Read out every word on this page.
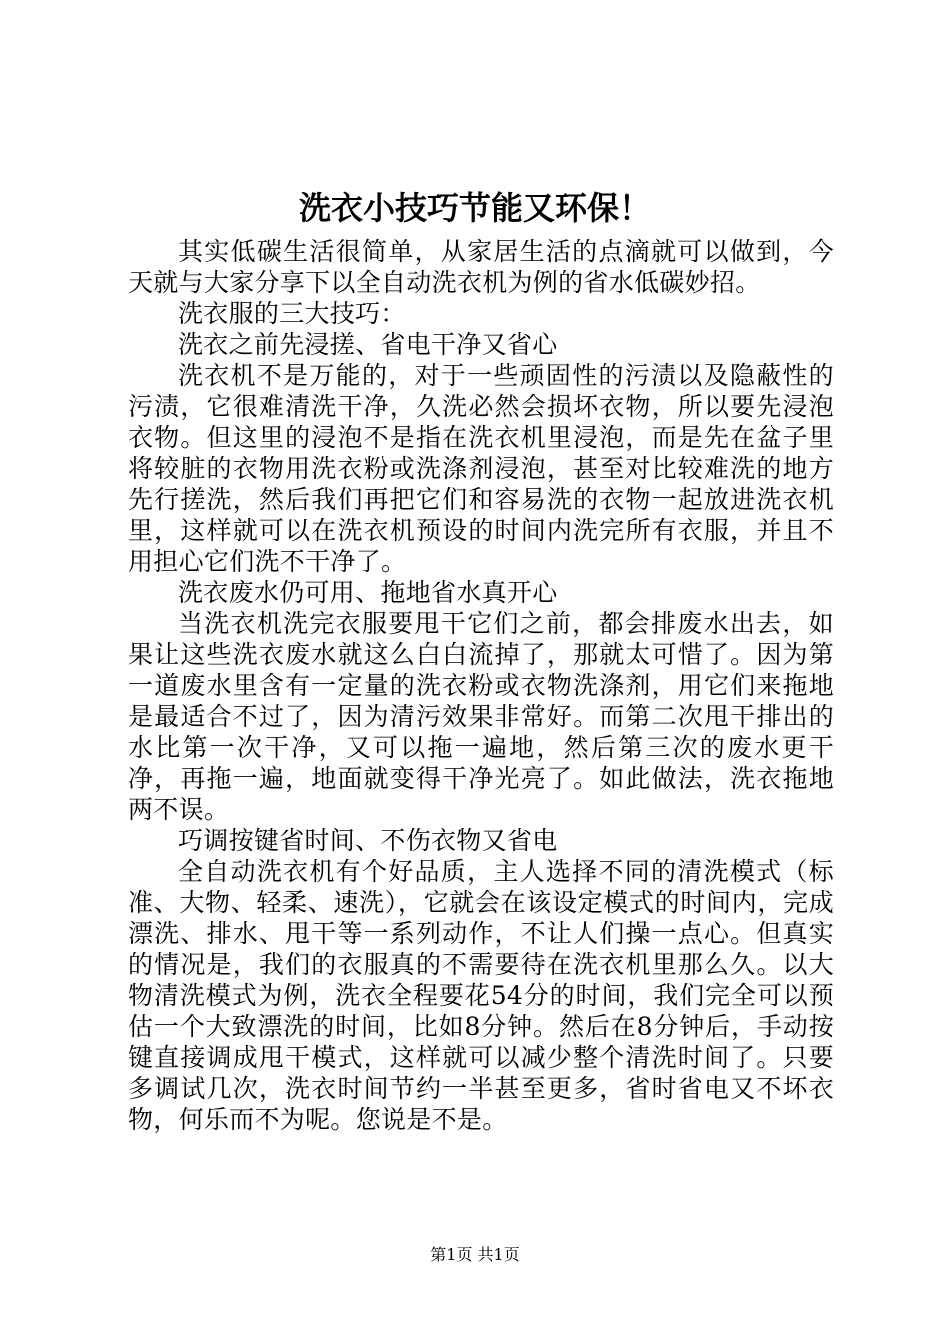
洗衣小技巧节能又环保！

其实低碳生活很简单，从家居生活的点滴就可以做到，今天就与大家分享下以全自动洗衣机为例的省水低碳妙招。

洗衣服的三大技巧：

洗衣之前先浸搓、省电干净又省心

洗衣机不是万能的，对于一些顽固性的污渍以及隐蔽性的污渍，它很难清洗干净，久洗必然会损坏衣物，所以要先浸泡衣物。但这里的浸泡不是指在洗衣机里浸泡，而是先在盆子里将较脏的衣物用洗衣粉或洗涤剂浸泡，甚至对比较难洗的地方先行搓洗，然后我们再把它们和容易洗的衣物一起放进洗衣机里，这样就可以在洗衣机预设的时间内洗完所有衣服，并且不用担心它们洗不干净了。

洗衣废水仍可用、拖地省水真开心

当洗衣机洗完衣服要甩干它们之前，都会排废水出去，如果让这些洗衣废水就这么白白流掉了，那就太可惜了。因为第一道废水里含有一定量的洗衣粉或衣物洗涤剂，用它们来拖地是最适合不过了，因为清污效果非常好。而第二次甩干排出的水比第一次干净，又可以拖一遍地，然后第三次的废水更干净，再拖一遍，地面就变得干净光亮了。如此做法，洗衣拖地两不误。

巧调按键省时间、不伤衣物又省电

全自动洗衣机有个好品质，主人选择不同的清洗模式（标准、大物、轻柔、速洗），它就会在该设定模式的时间内，完成漂洗、排水、甩干等一系列动作，不让人们操一点心。但真实的情况是，我们的衣服真的不需要待在洗衣机里那么久。以大物清洗模式为例，洗衣全程要花54分的时间，我们完全可以预估一个大致漂洗的时间，比如8分钟。然后在8分钟后，手动按键直接调成甩干模式，这样就可以减少整个清洗时间了。只要多调试几次，洗衣时间节约一半甚至更多，省时省电又不坏衣物，何乐而不为呢。您说是不是。

第1页 共1页
